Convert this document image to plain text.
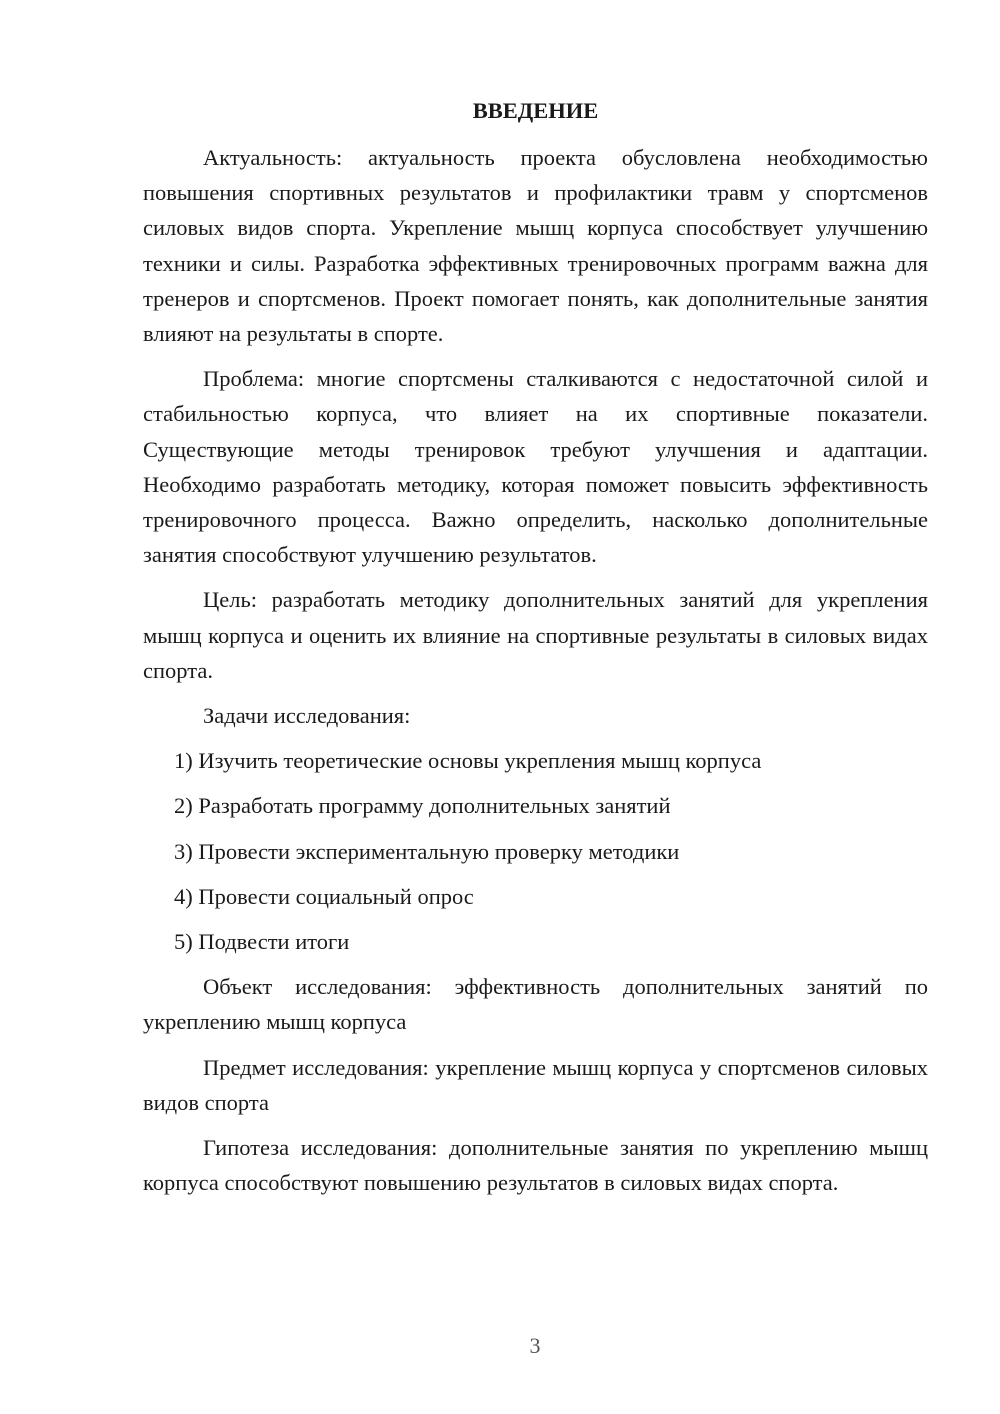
ВВЕДЕНИЕ

Актуальность: актуальность проекта обусловлена необходимостью повышения спортивных результатов и профилактики травм у спортсменов силовых видов спорта. Укрепление мышц корпуса способствует улучшению техники и силы. Разработка эффективных тренировочных программ важна для тренеров и спортсменов. Проект помогает понять, как дополнительные занятия влияют на результаты в спорте.

Проблема: многие спортсмены сталкиваются с недостаточной силой и стабильностью корпуса, что влияет на их спортивные показатели. Существующие методы тренировок требуют улучшения и адаптации. Необходимо разработать методику, которая поможет повысить эффективность тренировочного процесса. Важно определить, насколько дополнительные занятия способствуют улучшению результатов.

Цель: разработать методику дополнительных занятий для укрепления мышц корпуса и оценить их влияние на спортивные результаты в силовых видах спорта.

Задачи исследования:

1) Изучить теоретические основы укрепления мышц корпуса
2) Разработать программу дополнительных занятий
3) Провести экспериментальную проверку методики
4) Провести социальный опрос
5) Подвести итоги

Объект исследования: эффективность дополнительных занятий по укреплению мышц корпуса

Предмет исследования: укрепление мышц корпуса у спортсменов силовых видов спорта

Гипотеза исследования: дополнительные занятия по укреплению мышц корпуса способствуют повышению результатов в силовых видах спорта.

3
